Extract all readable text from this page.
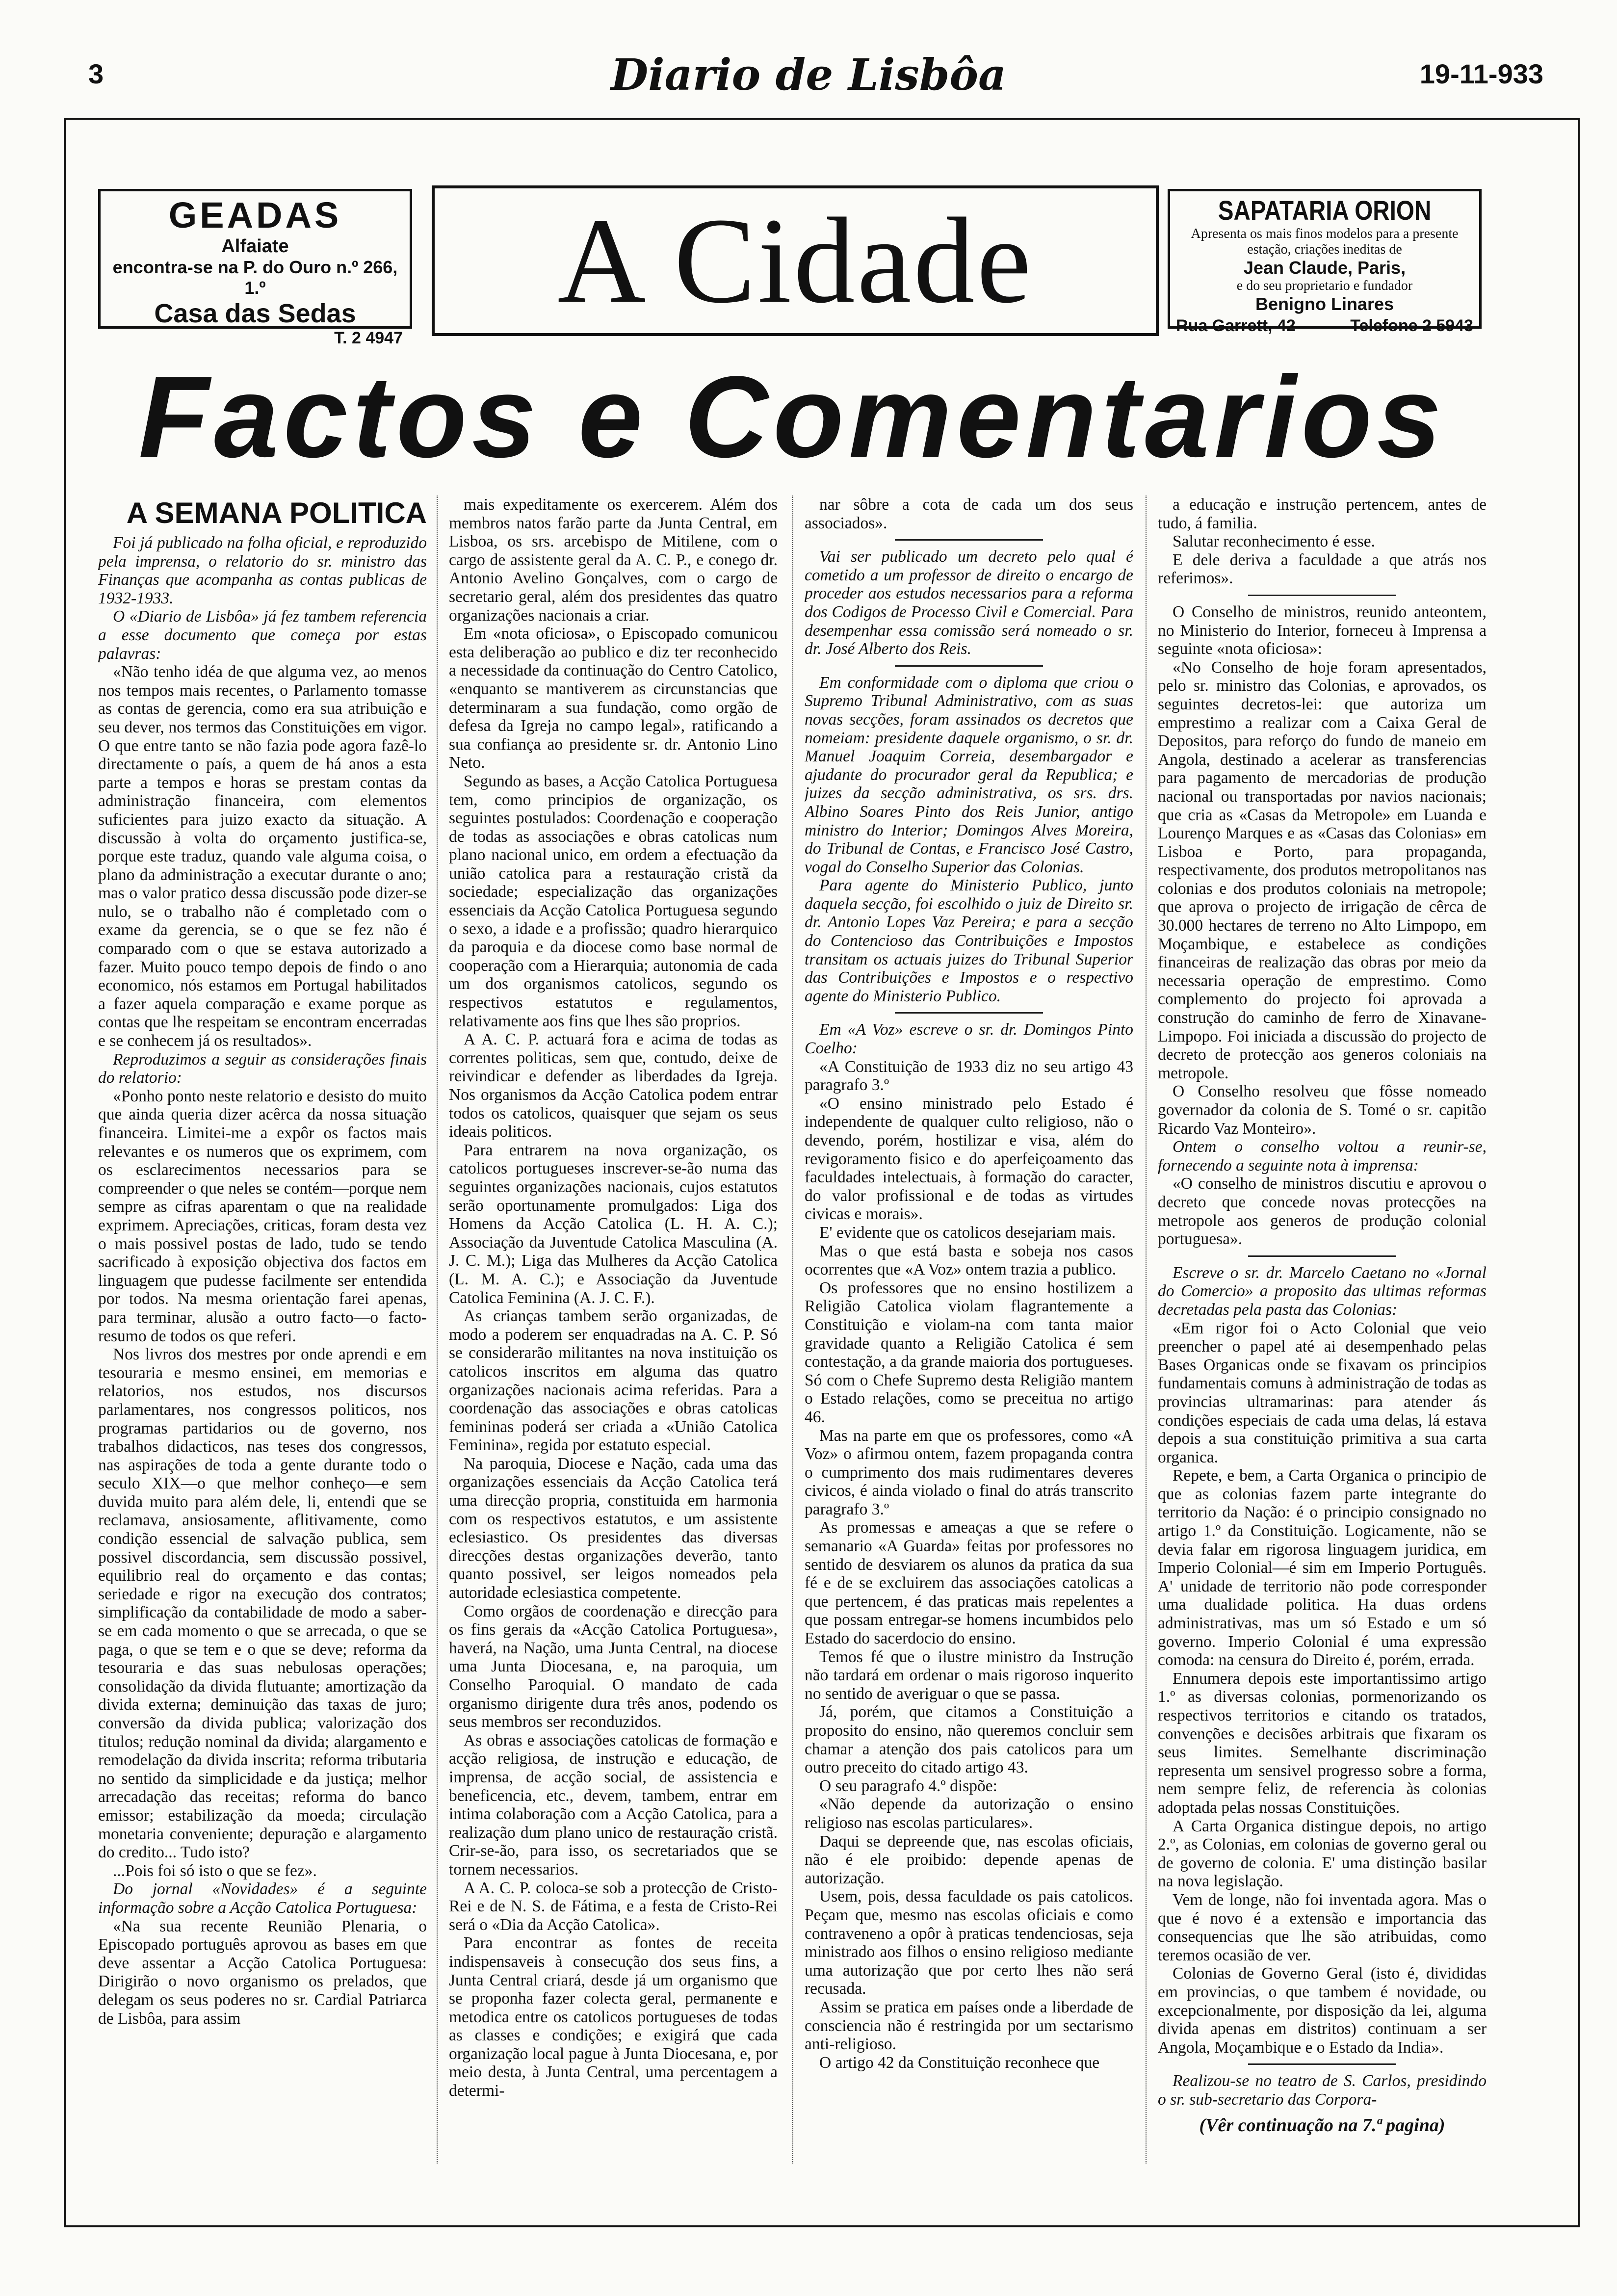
3	Diario de Lisbôa	19-11-933
GEADAS
Alfaiate
encontra-se na P. do Ouro n.º 266, 1.º
Casa das Sedas
T. 2 4947
A Cidade	SAPATARIA ORION
Apresenta os mais finos modelos para a presente estação, criações ineditas de
Jean Claude, Paris,
e do seu proprietario e fundador
Benigno Linares
Rua Garrett, 42	Telefone 2 5943
Factos e Comentarios
A SEMANA POLITICA

Foi já publicado na folha oficial, e reproduzido pela imprensa, o relatorio do sr. ministro das Finanças que acompanha as contas publicas de 1932-1933.

O «Diario de Lisbôa» já fez tambem referencia a esse documento que começa por estas palavras:

«Não tenho idéa de que alguma vez, ao menos nos tempos mais recentes, o Parlamento tomasse as contas de gerencia, como era sua atribuição e seu dever, nos termos das Constituições em vigor. O que entre tanto se não fazia pode agora fazê-lo directamente o país, a quem de há anos a esta parte a tempos e horas se prestam contas da administração financeira, com elementos suficientes para juizo exacto da situação. A discussão à volta do orçamento justifica-se, porque este traduz, quando vale alguma coisa, o plano da administração a executar durante o ano; mas o valor pratico dessa discussão pode dizer-se nulo, se o trabalho não é completado com o exame da gerencia, se o que se fez não é comparado com o que se estava autorizado a fazer. Muito pouco tempo depois de findo o ano economico, nós estamos em Portugal habilitados a fazer aquela comparação e exame porque as contas que lhe respeitam se encontram encerradas e se conhecem já os resultados».

Reproduzimos a seguir as considerações finais do relatorio:

«Ponho ponto neste relatorio e desisto do muito que ainda queria dizer acêrca da nossa situação financeira. Limitei-me a expôr os factos mais relevantes e os numeros que os exprimem, com os esclarecimentos necessarios para se compreender o que neles se contém—porque nem sempre as cifras aparentam o que na realidade exprimem. Apreciações, criticas, foram desta vez o mais possivel postas de lado, tudo se tendo sacrificado à exposição objectiva dos factos em linguagem que pudesse facilmente ser entendida por todos. Na mesma orientação farei apenas, para terminar, alusão a outro facto—o facto-resumo de todos os que referi.

Nos livros dos mestres por onde aprendi e em tesouraria e mesmo ensinei, em memorias e relatorios, nos estudos, nos discursos parlamentares, nos congressos politicos, nos programas partidarios ou de governo, nos trabalhos didacticos, nas teses dos congressos, nas aspirações de toda a gente durante todo o seculo XIX—o que melhor conheço—e sem duvida muito para além dele, li, entendi que se reclamava, ansiosamente, aflitivamente, como condição essencial de salvação publica, sem possivel discordancia, sem discussão possivel, equilibrio real do orçamento e das contas; seriedade e rigor na execução dos contratos; simplificação da contabilidade de modo a saber-se em cada momento o que se arrecada, o que se paga, o que se tem e o que se deve; reforma da tesouraria e das suas nebulosas operações; consolidação da divida flutuante; amortização da divida externa; deminuição das taxas de juro; conversão da divida publica; valorização dos titulos; redução nominal da divida; alargamento e remodelação da divida inscrita; reforma tributaria no sentido da simplicidade e da justiça; melhor arrecadação das receitas; reforma do banco emissor; estabilização da moeda; circulação monetaria conveniente; depuração e alargamento do credito... Tudo isto?

...Pois foi só isto o que se fez».

Do jornal «Novidades» é a seguinte informação sobre a Acção Catolica Portuguesa:

«Na sua recente Reunião Plenaria, o Episcopado português aprovou as bases em que deve assentar a Acção Catolica Portuguesa: Dirigirão o novo organismo os prelados, que delegam os seus poderes no sr. Cardial Patriarca de Lisbôa, para assim

mais expeditamente os exercerem. Além dos membros natos farão parte da Junta Central, em Lisboa, os srs. arcebispo de Mitilene, com o cargo de assistente geral da A. C. P., e conego dr. Antonio Avelino Gonçalves, com o cargo de secretario geral, além dos presidentes das quatro organizações nacionais a criar.

Em «nota oficiosa», o Episcopado comunicou esta deliberação ao publico e diz ter reconhecido a necessidade da continuação do Centro Catolico, «enquanto se mantiverem as circunstancias que determinaram a sua fundação, como orgão de defesa da Igreja no campo legal», ratificando a sua confiança ao presidente sr. dr. Antonio Lino Neto.

Segundo as bases, a Acção Catolica Portuguesa tem, como principios de organização, os seguintes postulados: Coordenação e cooperação de todas as associações e obras catolicas num plano nacional unico, em ordem a efectuação da união catolica para a restauração cristã da sociedade; especialização das organizações essenciais da Acção Catolica Portuguesa segundo o sexo, a idade e a profissão; quadro hierarquico da paroquia e da diocese como base normal de cooperação com a Hierarquia; autonomia de cada um dos organismos catolicos, segundo os respectivos estatutos e regulamentos, relativamente aos fins que lhes são proprios.

A A. C. P. actuará fora e acima de todas as correntes politicas, sem que, contudo, deixe de reivindicar e defender as liberdades da Igreja. Nos organismos da Acção Catolica podem entrar todos os catolicos, quaisquer que sejam os seus ideais politicos.

Para entrarem na nova organização, os catolicos portugueses inscrever-se-ão numa das seguintes organizações nacionais, cujos estatutos serão oportunamente promulgados: Liga dos Homens da Acção Catolica (L. H. A. C.); Associação da Juventude Catolica Masculina (A. J. C. M.); Liga das Mulheres da Acção Catolica (L. M. A. C.); e Associação da Juventude Catolica Feminina (A. J. C. F.).

As crianças tambem serão organizadas, de modo a poderem ser enquadradas na A. C. P. Só se considerarão militantes na nova instituição os catolicos inscritos em alguma das quatro organizações nacionais acima referidas. Para a coordenação das associações e obras catolicas femininas poderá ser criada a «União Catolica Feminina», regida por estatuto especial.

Na paroquia, Diocese e Nação, cada uma das organizações essenciais da Acção Catolica terá uma direcção propria, constituida em harmonia com os respectivos estatutos, e um assistente eclesiastico. Os presidentes das diversas direcções destas organizações deverão, tanto quanto possivel, ser leigos nomeados pela autoridade eclesiastica competente.

Como orgãos de coordenação e direcção para os fins gerais da «Acção Catolica Portuguesa», haverá, na Nação, uma Junta Central, na diocese uma Junta Diocesana, e, na paroquia, um Conselho Paroquial. O mandato de cada organismo dirigente dura três anos, podendo os seus membros ser reconduzidos.

As obras e associações catolicas de formação e acção religiosa, de instrução e educação, de imprensa, de acção social, de assistencia e beneficencia, etc., devem, tambem, entrar em intima colaboração com a Acção Catolica, para a realização dum plano unico de restauração cristã. Crir-se-ão, para isso, os secretariados que se tornem necessarios.

A A. C. P. coloca-se sob a protecção de Cristo-Rei e de N. S. de Fátima, e a festa de Cristo-Rei será o «Dia da Acção Catolica».

Para encontrar as fontes de receita indispensaveis à consecução dos seus fins, a Junta Central criará, desde já um organismo que se proponha fazer colecta geral, permanente e metodica entre os catolicos portugueses de todas as classes e condições; e exigirá que cada organização local pague à Junta Diocesana, e, por meio desta, à Junta Central, uma percentagem a determi-

nar sôbre a cota de cada um dos seus associados».

Vai ser publicado um decreto pelo qual é cometido a um professor de direito o encargo de proceder aos estudos necessarios para a reforma dos Codigos de Processo Civil e Comercial. Para desempenhar essa comissão será nomeado o sr. dr. José Alberto dos Reis.

Em conformidade com o diploma que criou o Supremo Tribunal Administrativo, com as suas novas secções, foram assinados os decretos que nomeiam: presidente daquele organismo, o sr. dr. Manuel Joaquim Correia, desembargador e ajudante do procurador geral da Republica; e juizes da secção administrativa, os srs. drs. Albino Soares Pinto dos Reis Junior, antigo ministro do Interior; Domingos Alves Moreira, do Tribunal de Contas, e Francisco José Castro, vogal do Conselho Superior das Colonias.

Para agente do Ministerio Publico, junto daquela secção, foi escolhido o juiz de Direito sr. dr. Antonio Lopes Vaz Pereira; e para a secção do Contencioso das Contribuições e Impostos transitam os actuais juizes do Tribunal Superior das Contribuições e Impostos e o respectivo agente do Ministerio Publico.

Em «A Voz» escreve o sr. dr. Domingos Pinto Coelho:

«A Constituição de 1933 diz no seu artigo 43 paragrafo 3.º

«O ensino ministrado pelo Estado é independente de qualquer culto religioso, não o devendo, porém, hostilizar e visa, além do revigoramento fisico e do aperfeiçoamento das faculdades intelectuais, à formação do caracter, do valor profissional e de todas as virtudes civicas e morais».

E' evidente que os catolicos desejariam mais.

Mas o que está basta e sobeja nos casos ocorrentes que «A Voz» ontem trazia a publico.

Os professores que no ensino hostilizem a Religião Catolica violam flagrantemente a Constituição e violam-na com tanta maior gravidade quanto a Religião Catolica é sem contestação, a da grande maioria dos portugueses. Só com o Chefe Supremo desta Religião mantem o Estado relações, como se preceitua no artigo 46.

Mas na parte em que os professores, como «A Voz» o afirmou ontem, fazem propaganda contra o cumprimento dos mais rudimentares deveres civicos, é ainda violado o final do atrás transcrito paragrafo 3.º

As promessas e ameaças a que se refere o semanario «A Guarda» feitas por professores no sentido de desviarem os alunos da pratica da sua fé e de se excluirem das associações catolicas a que pertencem, é das praticas mais repelentes a que possam entregar-se homens incumbidos pelo Estado do sacerdocio do ensino.

Temos fé que o ilustre ministro da Instrução não tardará em ordenar o mais rigoroso inquerito no sentido de averiguar o que se passa.

Já, porém, que citamos a Constituição a proposito do ensino, não queremos concluir sem chamar a atenção dos pais catolicos para um outro preceito do citado artigo 43.

O seu paragrafo 4.º dispõe:

«Não depende da autorização o ensino religioso nas escolas particulares».

Daqui se depreende que, nas escolas oficiais, não é ele proibido: depende apenas de autorização.

Usem, pois, dessa faculdade os pais catolicos. Peçam que, mesmo nas escolas oficiais e como contraveneno a opôr à praticas tendenciosas, seja ministrado aos filhos o ensino religioso mediante uma autorização que por certo lhes não será recusada.

Assim se pratica em países onde a liberdade de consciencia não é restringida por um sectarismo anti-religioso.

O artigo 42 da Constituição reconhece que

a educação e instrução pertencem, antes de tudo, á familia.

Salutar reconhecimento é esse.

E dele deriva a faculdade a que atrás nos referimos».

O Conselho de ministros, reunido anteontem, no Ministerio do Interior, forneceu à Imprensa a seguinte «nota oficiosa»:

«No Conselho de hoje foram apresentados, pelo sr. ministro das Colonias, e aprovados, os seguintes decretos-lei: que autoriza um emprestimo a realizar com a Caixa Geral de Depositos, para reforço do fundo de maneio em Angola, destinado a acelerar as transferencias para pagamento de mercadorias de produção nacional ou transportadas por navios nacionais; que cria as «Casas da Metropole» em Luanda e Lourenço Marques e as «Casas das Colonias» em Lisboa e Porto, para propaganda, respectivamente, dos produtos metropolitanos nas colonias e dos produtos coloniais na metropole; que aprova o projecto de irrigação de cêrca de 30.000 hectares de terreno no Alto Limpopo, em Moçambique, e estabelece as condições financeiras de realização das obras por meio da necessaria operação de emprestimo. Como complemento do projecto foi aprovada a construção do caminho de ferro de Xinavane-Limpopo. Foi iniciada a discussão do projecto de decreto de protecção aos generos coloniais na metropole.

O Conselho resolveu que fôsse nomeado governador da colonia de S. Tomé o sr. capitão Ricardo Vaz Monteiro».

Ontem o conselho voltou a reunir-se, fornecendo a seguinte nota à imprensa:

«O conselho de ministros discutiu e aprovou o decreto que concede novas protecções na metropole aos generos de produção colonial portuguesa».

Escreve o sr. dr. Marcelo Caetano no «Jornal do Comercio» a proposito das ultimas reformas decretadas pela pasta das Colonias:

«Em rigor foi o Acto Colonial que veio preencher o papel até ai desempenhado pelas Bases Organicas onde se fixavam os principios fundamentais comuns à administração de todas as provincias ultramarinas: para atender ás condições especiais de cada uma delas, lá estava depois a sua constituição primitiva a sua carta organica.

Repete, e bem, a Carta Organica o principio de que as colonias fazem parte integrante do territorio da Nação: é o principio consignado no artigo 1.º da Constituição. Logicamente, não se devia falar em rigorosa linguagem juridica, em Imperio Colonial—é sim em Imperio Português. A' unidade de territorio não pode corresponder uma dualidade politica. Ha duas ordens administrativas, mas um só Estado e um só governo. Imperio Colonial é uma expressão comoda: na censura do Direito é, porém, errada.

Ennumera depois este importantissimo artigo 1.º as diversas colonias, pormenorizando os respectivos territorios e citando os tratados, convenções e decisões arbitrais que fixaram os seus limites. Semelhante discriminação representa um sensivel progresso sobre a forma, nem sempre feliz, de referencia às colonias adoptada pelas nossas Constituições.

A Carta Organica distingue depois, no artigo 2.º, as Colonias, em colonias de governo geral ou de governo de colonia. E' uma distinção basilar na nova legislação.

Vem de longe, não foi inventada agora. Mas o que é novo é a extensão e importancia das consequencias que lhe são atribuidas, como teremos ocasião de ver.

Colonias de Governo Geral (isto é, divididas em provincias, o que tambem é novidade, ou excepcionalmente, por disposição da lei, alguma divida apenas em distritos) continuam a ser Angola, Moçambique e o Estado da India».

Realizou-se no teatro de S. Carlos, presidindo o sr. sub-secretario das Corpora-

(Vêr continuação na 7.ª pagina)
